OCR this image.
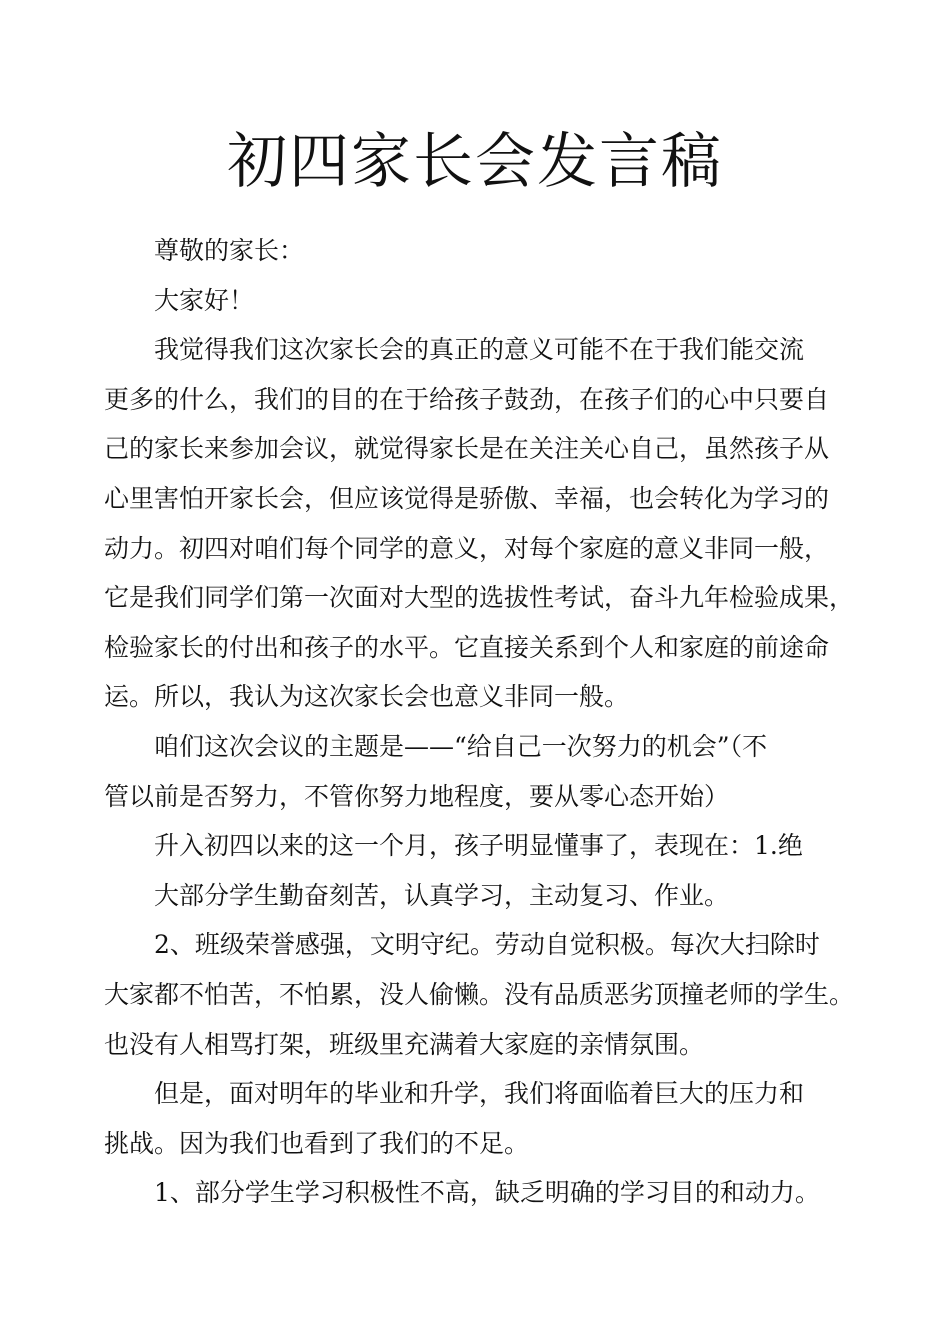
初四家长会发言稿
尊敬的家长：
大家好！
我觉得我们这次家长会的真正的意义可能不在于我们能交流
更多的什么，我们的目的在于给孩子鼓劲，在孩子们的心中只要自
己的家长来参加会议，就觉得家长是在关注关心自己，虽然孩子从
心里害怕开家长会，但应该觉得是骄傲、幸福，也会转化为学习的
动力。初四对咱们每个同学的意义，对每个家庭的意义非同一般，
它是我们同学们第一次面对大型的选拔性考试，奋斗九年检验成果，
检验家长的付出和孩子的水平。它直接关系到个人和家庭的前途命
运。所以，我认为这次家长会也意义非同一般。
咱们这次会议的主题是——“给自己一次努力的机会”（不
管以前是否努力，不管你努力地程度，要从零心态开始）
升入初四以来的这一个月，孩子明显懂事了，表现在：1.绝
大部分学生勤奋刻苦，认真学习，主动复习、作业。
2、班级荣誉感强，文明守纪。劳动自觉积极。每次大扫除时
大家都不怕苦，不怕累，没人偷懒。没有品质恶劣顶撞老师的学生。
也没有人相骂打架，班级里充满着大家庭的亲情氛围。
但是，面对明年的毕业和升学，我们将面临着巨大的压力和
挑战。因为我们也看到了我们的不足。
1、部分学生学习积极性不高，缺乏明确的学习目的和动力。
